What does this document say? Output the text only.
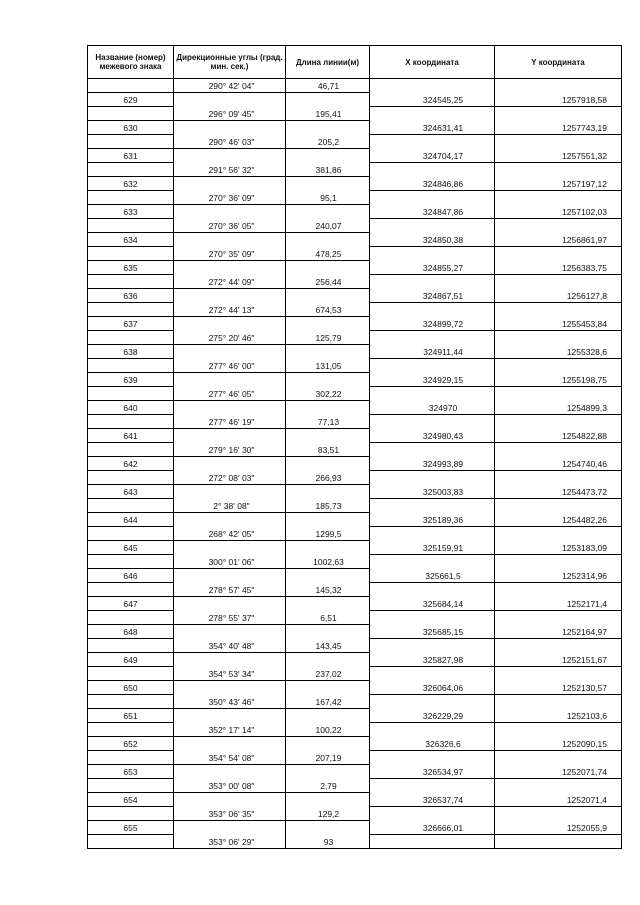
Название (номер) межевого знака	Дирекционные углы (град. мин. сек.)	Длина линии(м)	X координата	Y координата
	290° 42' 04"	46,71		
629			324545,25	1257918,58
	296° 09' 45"	195,41		
630			324631,41	1257743,19
	290° 46' 03"	205,2		
631			324704,17	1257551,32
	291° 56' 32"	381,86		
632			324846,86	1257197,12
	270° 36' 09"	95,1		
633			324847,86	1257102,03
	270° 36' 05"	240,07		
634			324850,38	1256861,97
	270° 35' 09"	478,25		
635			324855,27	1256383,75
	272° 44' 09"	256,44		
636			324867,51	1256127,8
	272° 44' 13"	674,53		
637			324899,72	1255453,84
	275° 20' 46"	125,79		
638			324911,44	1255328,6
	277° 46' 00"	131,05		
639			324929,15	1255198,75
	277° 46' 05"	302,22		
640			324970	1254899,3
	277° 46' 19"	77,13		
641			324980,43	1254822,88
	279° 16' 30"	83,51		
642			324993,89	1254740,46
	272° 08' 03"	266,93		
643			325003,83	1254473,72
	2° 38' 08"	185,73		
644			325189,36	1254482,26
	268° 42' 05"	1299,5		
645			325159,91	1253183,09
	300° 01' 06"	1002,63		
646			325661,5	1252314,96
	278° 57' 45"	145,32		
647			325684,14	1252171,4
	278° 55' 37"	6,51		
648			325685,15	1252164,97
	354° 40' 48"	143,45		
649			325827,98	1252151,67
	354° 53' 34"	237,02		
650			326064,06	1252130,57
	350° 43' 46"	167,42		
651			326229,29	1252103,6
	352° 17' 14"	100,22		
652			326326,6	1252090,15
	354° 54' 08"	207,19		
653			326534,97	1252071,74
	353° 00' 08"	2,79		
654			326537,74	1252071,4
	353° 06' 35"	129,2		
655			326666,01	1252055,9
	353° 06' 29"	93		
